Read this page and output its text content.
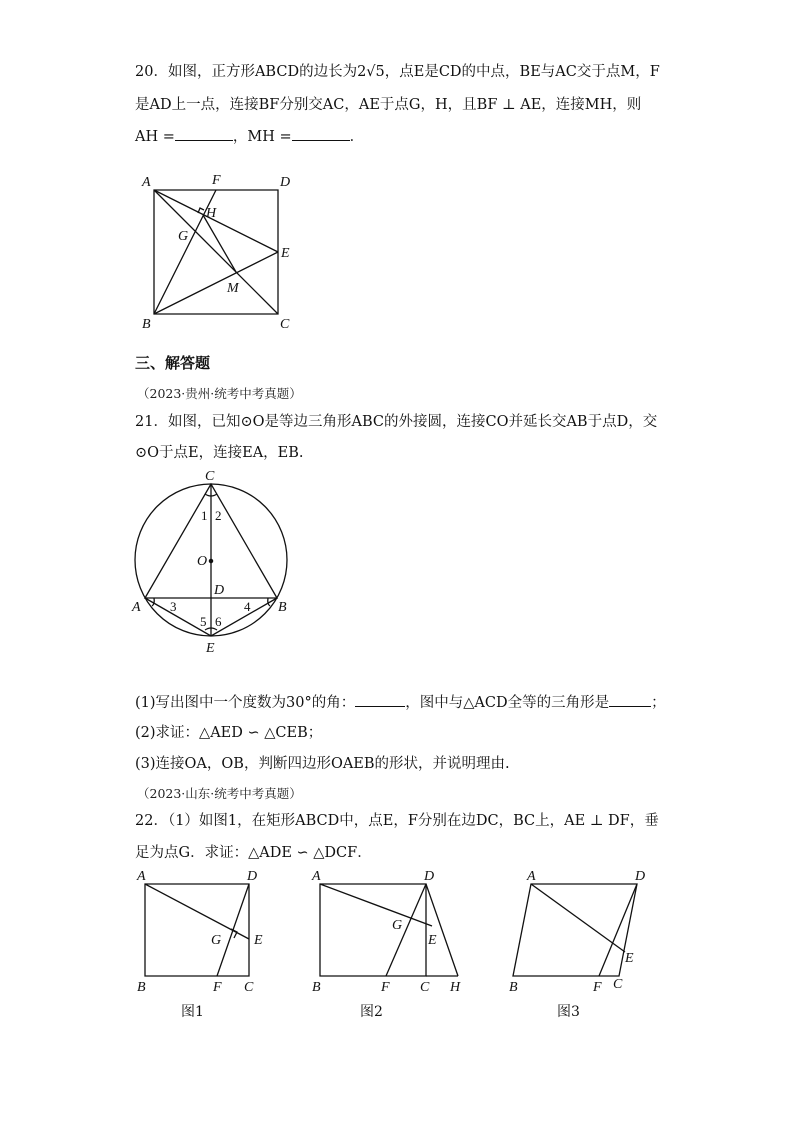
20．如图，正方形ABCD的边长为2√5，点E是CD的中点，BE与AC交于点M，F
是AD上一点，连接BF分别交AC，AE于点G，H，且BF ⊥ AE，连接MH，则
AH =	，MH =	．
A	F	D
H
G
E
M
B	C
三、解答题
（2023·贵州·统考中考真题）
21．如图，已知⊙O是等边三角形ABC的外接圆，连接CO并延长交AB于点D，交
⊙O于点E，连接EA，EB.
C
O
D
A	B
E
1 2
3	4
5 6
(1)写出图中一个度数为30°的角：	，图中与△ACD全等的三角形是	；
(2)求证：△AED ∽ △CEB；
(3)连接OA，OB，判断四边形OAEB的形状，并说明理由.
（2023·山东·统考中考真题）
22．（1）如图1，在矩形ABCD中，点E，F分别在边DC，BC上，AE ⊥ DF，垂
足为点G．求证：△ADE ∽ △DCF．
A	D
G E
B	F C
图1
A	D
G
E
B	F C H
图2
A	D
E
B	F C
图3
